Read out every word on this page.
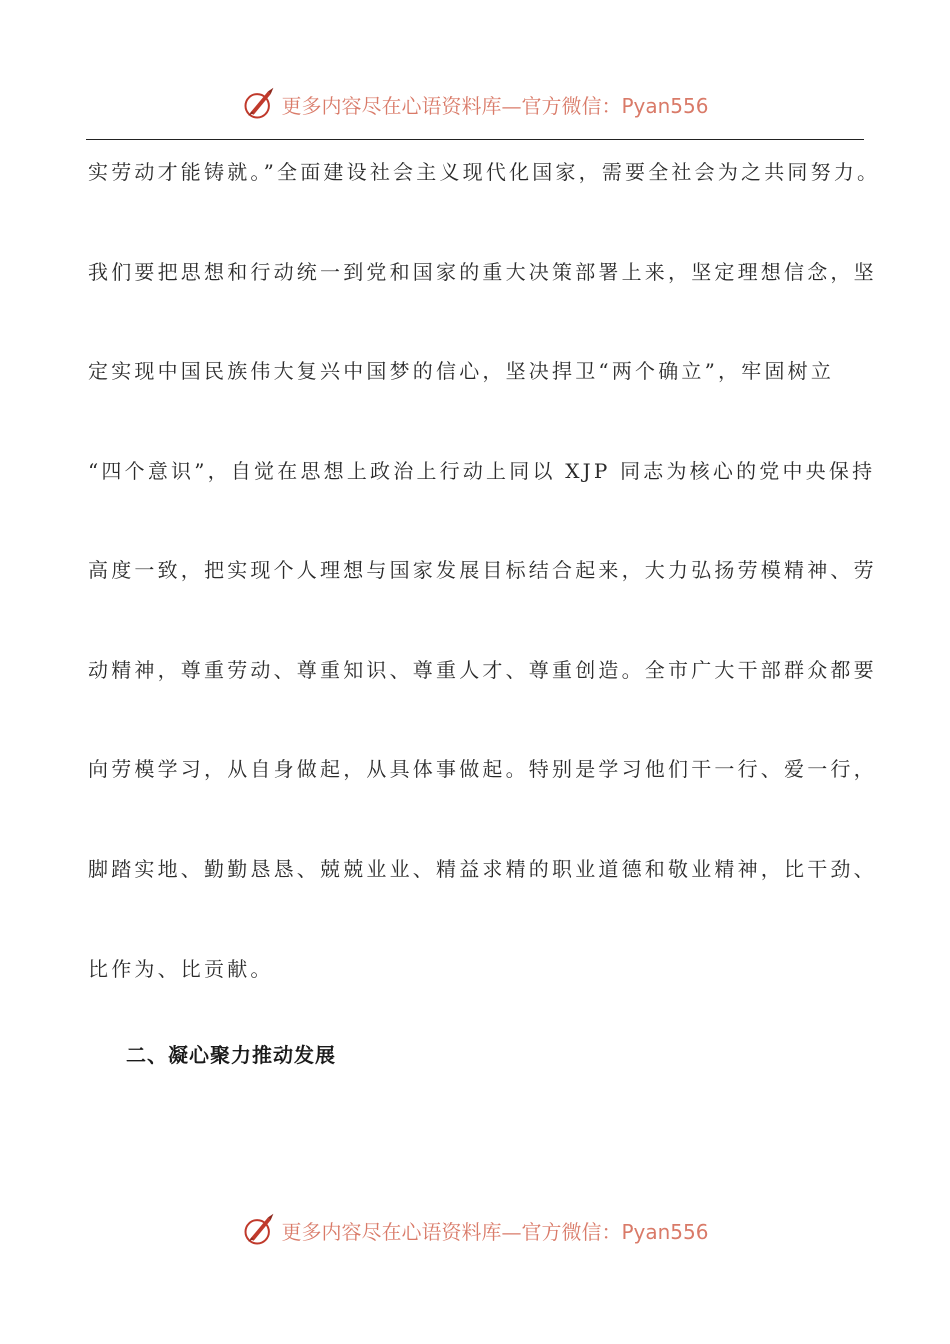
更多内容尽在心语资料库—官方微信：Pyan556
实劳动才能铸就。”全面建设社会主义现代化国家，需要全社会为之共同努力。
我们要把思想和行动统一到党和国家的重大决策部署上来，坚定理想信念，坚
定实现中国民族伟大复兴中国梦的信心，坚决捍卫“两个确立”，牢固树立
“四个意识”，自觉在思想上政治上行动上同以 XJP 同志为核心的党中央保持
高度一致，把实现个人理想与国家发展目标结合起来，大力弘扬劳模精神、劳
动精神，尊重劳动、尊重知识、尊重人才、尊重创造。全市广大干部群众都要
向劳模学习，从自身做起，从具体事做起。特别是学习他们干一行、爱一行，
脚踏实地、勤勤恳恳、兢兢业业、精益求精的职业道德和敬业精神，比干劲、
比作为、比贡献。
二、凝心聚力推动发展
更多内容尽在心语资料库—官方微信：Pyan556
